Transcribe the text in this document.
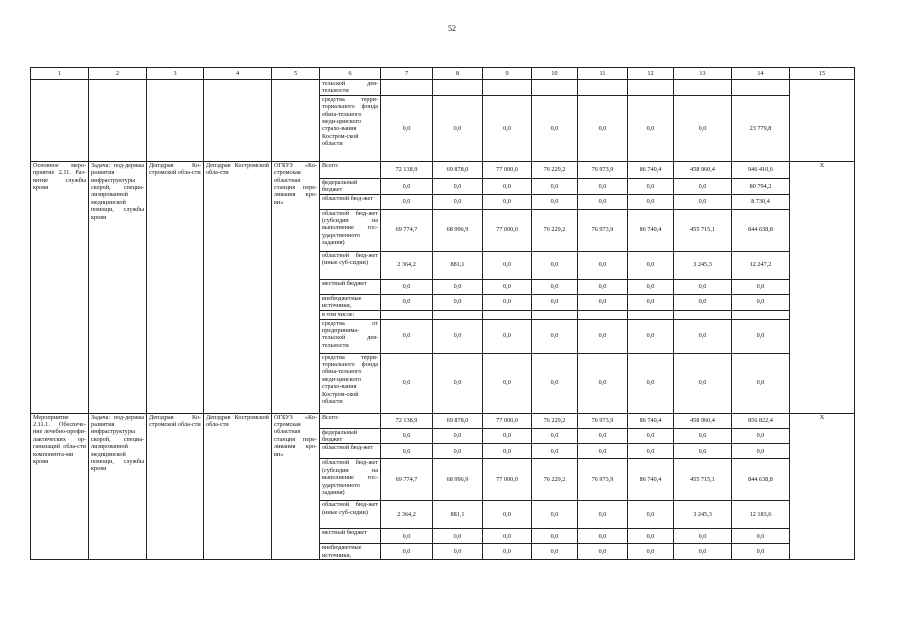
52
1	2	3	4	5	6	7	8	9	10	11	12	13	14	15
					тельской дея-тельности									
					средства терри-ториального фонда обяза-тельного меди-цинского страхо-вания Костром-ской области	0,0	0,0	0,0	0,0	0,0	0,0	0,0	23 779,8	
Основное меро-приятие 2.11. Раз-витие службы крови	Задача: под-держка развития инфраструктуры скорой, специа-лизированной медицинской помощи, службы крови	Депздрав Ко-стромской обла-сти	Депздрав Костромской обла-сти	ОГБУЗ «Ко-стромская областная станция пере-ливания кро-ви»	Всего:	72 138,9	69 878,0	77 000,0	76 229,2	76 973,9	86 740,4	458 960,4	946 410,6	X
					федеральный бюджет	0,0	0,0	0,0	0,0	0,0	0,0	0,0	80 794,2	
					областной бюд-жет	0,0	0,0	0,0	0,0	0,0	0,0	0,0	8 730,4	
					областной бюд-жет (субсидии на выполнение гос-ударственного задания)	69 774,7	68 996,9	77 000,0	76 229,2	76 973,9	86 740,4	455 715,1	844 638,8	
					областной бюд-жет (иные суб-сидии)	2 364,2	881,1	0,0	0,0	0,0	0,0	3 245,3	12 247,2	
					местный бюджет	0,0	0,0	0,0	0,0	0,0	0,0	0,0	0,0	
					внебюджетные источники,	0,0	0,0	0,0	0,0	0,0	0,0	0,0	0,0	
					в том числе:									
					средства от предпринима-тельской дея-тельности	0,0	0,0	0,0	0,0	0,0	0,0	0,0	0,0	
					средства терри-ториального фонда обяза-тельного меди-цинского страхо-вания Костром-ской области	0,0	0,0	0,0	0,0	0,0	0,0	0,0	0,0	
Мероприятие 2.11.1. Обеспече-ние лечебно-профи-лактических ор-ганизаций обла-сти компонента-ми крови	Задача: под-держка развития инфраструктуры скорой, специа-лизированной медицинской помощи, службы крови	Депздрав Ко-стромской обла-сти	Депздрав Костромской обла-сти	ОГБУЗ «Ко-стромская областная станция пере-ливания кро-ви»	Всего:	72 138,9	69 878,0	77 000,0	76 229,2	76 973,9	86 740,4	458 960,4	856 822,4	X
					федеральный бюджет	0,0	0,0	0,0	0,0	0,0	0,0	0,0	0,0	
					областной бюд-жет	0,0	0,0	0,0	0,0	0,0	0,0	0,0	0,0	
					областной бюд-жет (субсидии на выполнение гос-ударственного задания)	69 774,7	68 996,9	77 000,0	76 229,2	76 973,9	86 740,4	455 715,1	844 638,8	
					областной бюд-жет (иные суб-сидии)	2 364,2	881,1	0,0	0,0	0,0	0,0	3 245,3	12 183,6	
					местный бюджет	0,0	0,0	0,0	0,0	0,0	0,0	0,0	0,0	
					внебюджетные источники,	0,0	0,0	0,0	0,0	0,0	0,0	0,0	0,0	
